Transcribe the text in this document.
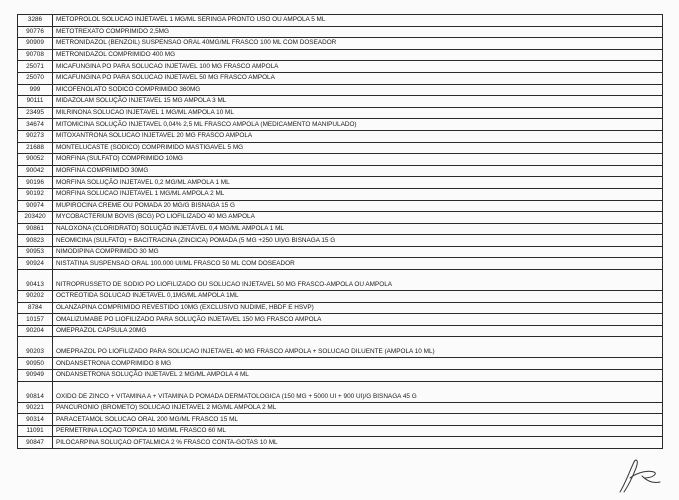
3286	METOPROLOL SOLUCAO INJETAVEL 1 MG/ML SERINGA PRONTO USO OU AMPOLA 5 ML
90776	METOTREXATO COMPRIMIDO 2,5MG
90909	METRONIDAZOL (BENZOIL) SUSPENSAO ORAL 40MG/ML FRASCO 100 ML COM DOSEADOR
90708	METRONIDAZOL COMPRIMIDO 400 MG
25071	MICAFUNGINA PO PARA SOLUCAO INJETAVEL 100 MG FRASCO AMPOLA
25070	MICAFUNGINA PO PARA SOLUCAO INJETAVEL 50 MG FRASCO AMPOLA
999	MICOFENOLATO SODICO COMPRIMIDO 360MG
90111	MIDAZOLAM SOLUÇÃO INJETAVEL 15 MG AMPOLA 3 ML
23495	MILRINONA SOLUCAO INJETAVEL 1 MG/ML AMPOLA 10 ML
34674	MITOMICINA SOLUÇÃO INJETAVEL 0,04% 2,5 ML FRASCO AMPOLA (MEDICAMENTO MANIPULADO)
90273	MITOXANTRONA SOLUCAO INJETAVEL 20 MG FRASCO AMPOLA
21688	MONTELUCASTE (SODICO) COMPRIMIDO MASTIGAVEL 5 MG
90052	MORFINA (SULFATO) COMPRIMIDO 10MG
90042	MORFINA COMPRIMIDO 30MG
90196	MORFINA SOLUÇÃO INJETAVEL 0,2 MG/ML AMPOLA 1 ML
90192	MORFINA SOLUCAO INJETAVEL 1 MG/ML AMPOLA 2 ML
90974	MUPIROCINA CREME OU POMADA 20 MG/G BISNAGA 15 G
203420	MYCOBACTERIUM BOVIS (BCG) PO LIOFILIZADO 40 MG AMPOLA
90861	NALOXONA (CLORIDRATO) SOLUÇÃO INJETÁVEL 0,4 MG/ML AMPOLA 1 ML
90823	NEOMICINA (SULFATO) + BACITRACINA (ZINCICA) POMADA (5 MG +250 UI)/G BISNAGA 15 G
90953	NIMODIPINA COMPRIMIDO 30 MG
90924	NISTATINA SUSPENSAO ORAL 100.000 UI/ML FRASCO 50 ML COM DOSEADOR
90413	NITROPRUSSETO DE SODIO PO LIOFILIZADO OU SOLUCAO INJETAVEL 50 MG FRASCO-AMPOLA OU AMPOLA
90202	OCTREOTIDA SOLUCAO INJETAVEL 0,1MG/ML AMPOLA 1ML
8784	OLANZAPINA COMPRIMIDO REVESTIDO 10MG (EXCLUSIVO NUDIME, HBDF E HSVP)
10157	OMALIZUMABE PO LIOFILIZADO PARA SOLUÇÃO INJETAVEL 150 MG FRASCO AMPOLA
90204	OMEPRAZOL CAPSULA 20MG
90203	OMEPRAZOL PO LIOFILIZADO PARA SOLUCAO INJETAVEL 40 MG FRASCO AMPOLA + SOLUCAO DILUENTE (AMPOLA 10 ML)
90950	ONDANSETRONA COMPRIMIDO 8 MG
90949	ONDANSETRONA SOLUÇÃO INJETAVEL 2 MG/ML AMPOLA 4 ML
90814	OXIDO DE ZINCO + VITAMINA A + VITAMINA D POMADA DERMATOLOGICA (150 MG + 5000 UI + 900 UI)/G BISNAGA 45 G
90221	PANCURONIO (BROMETO) SOLUCAO INJETAVEL 2 MG/ML AMPOLA 2 ML
90314	PARACETAMOL SOLUCAO ORAL 200 MG/ML FRASCO 15 ML
11091	PERMETRINA LOÇAO TOPICA 10 MG/ML FRASCO 60 ML
90847	PILOCARPINA SOLUÇAO OFTALMICA 2 % FRASCO CONTA-GOTAS 10 ML
